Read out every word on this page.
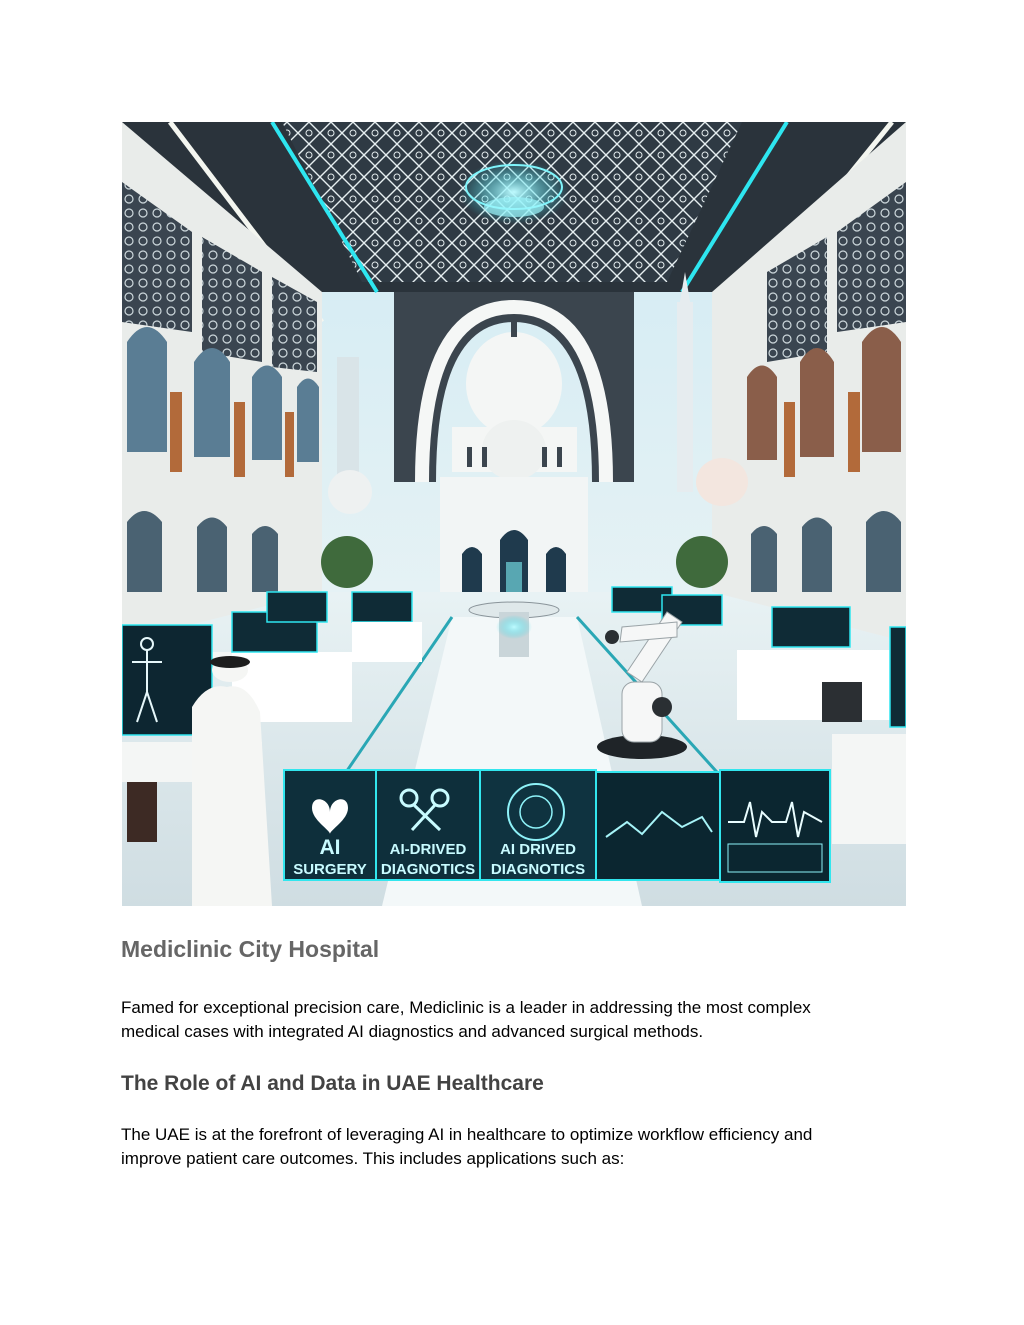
AI
SURGERY
AI-DRIVED
DIAGNOTICS
AI DRIVED
DIAGNOTICS
Mediclinic City Hospital

Famed for exceptional precision care, Mediclinic is a leader in addressing the most complex
medical cases with integrated AI diagnostics and advanced surgical methods.

The Role of AI and Data in UAE Healthcare

The UAE is at the forefront of leveraging AI in healthcare to optimize workflow efficiency and
improve patient care outcomes. This includes applications such as:
